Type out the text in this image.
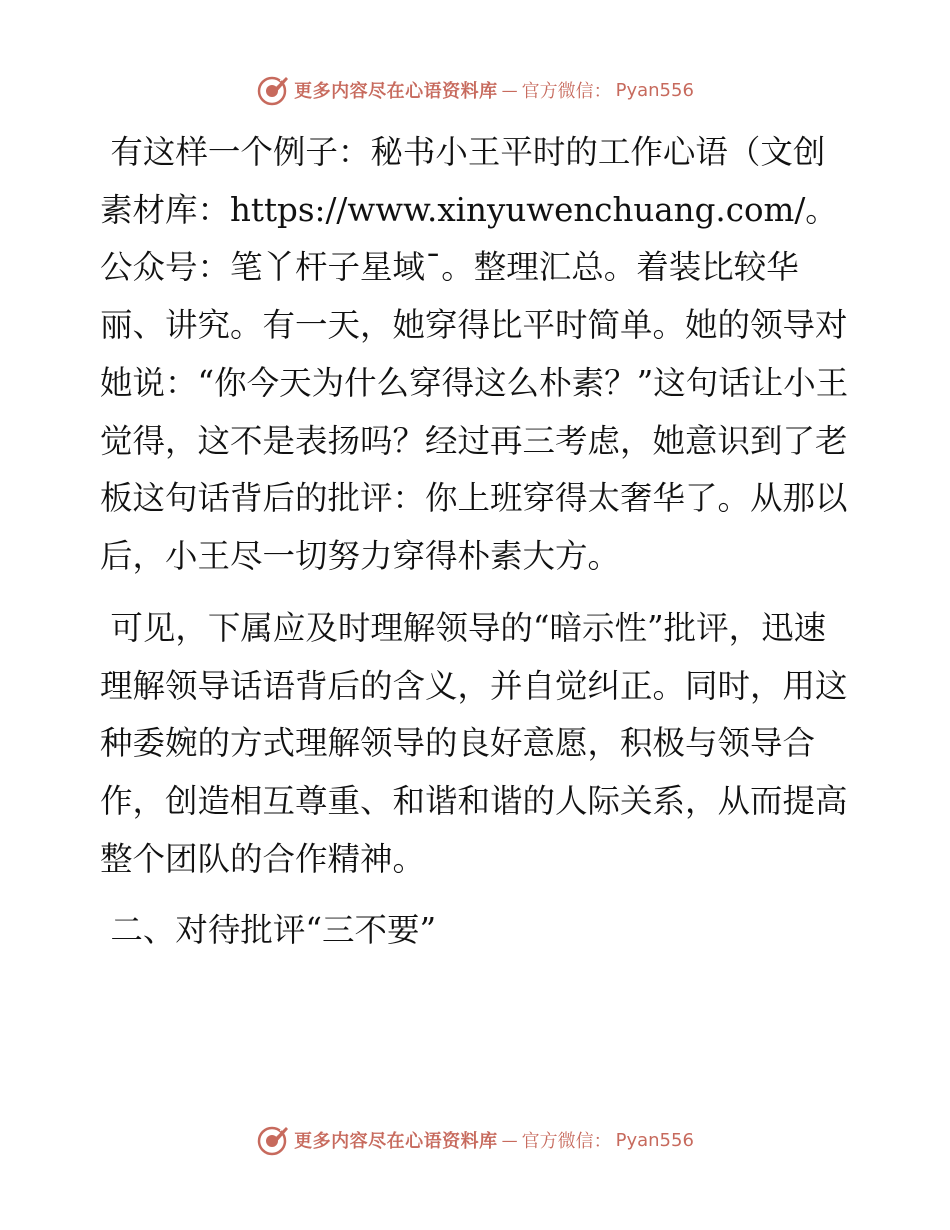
更多内容尽在心语资料库 — 官方微信： Pyan556

有这样一个例子：秘书小王平时的工作心语（文创素材库：https://www.xinyuwenchuang.com/。公众号：笔丫杆子星域¯。整理汇总。着装比较华丽、讲究。有一天，她穿得比平时简单。她的领导对她说：“你今天为什么穿得这么朴素？”这句话让小王觉得，这不是表扬吗？经过再三考虑，她意识到了老板这句话背后的批评：你上班穿得太奢华了。从那以后，小王尽一切努力穿得朴素大方。

可见，下属应及时理解领导的“暗示性”批评，迅速理解领导话语背后的含义，并自觉纠正。同时，用这种委婉的方式理解领导的良好意愿，积极与领导合作，创造相互尊重、和谐和谐的人际关系，从而提高整个团队的合作精神。

二、对待批评“三不要”

更多内容尽在心语资料库 — 官方微信： Pyan556
